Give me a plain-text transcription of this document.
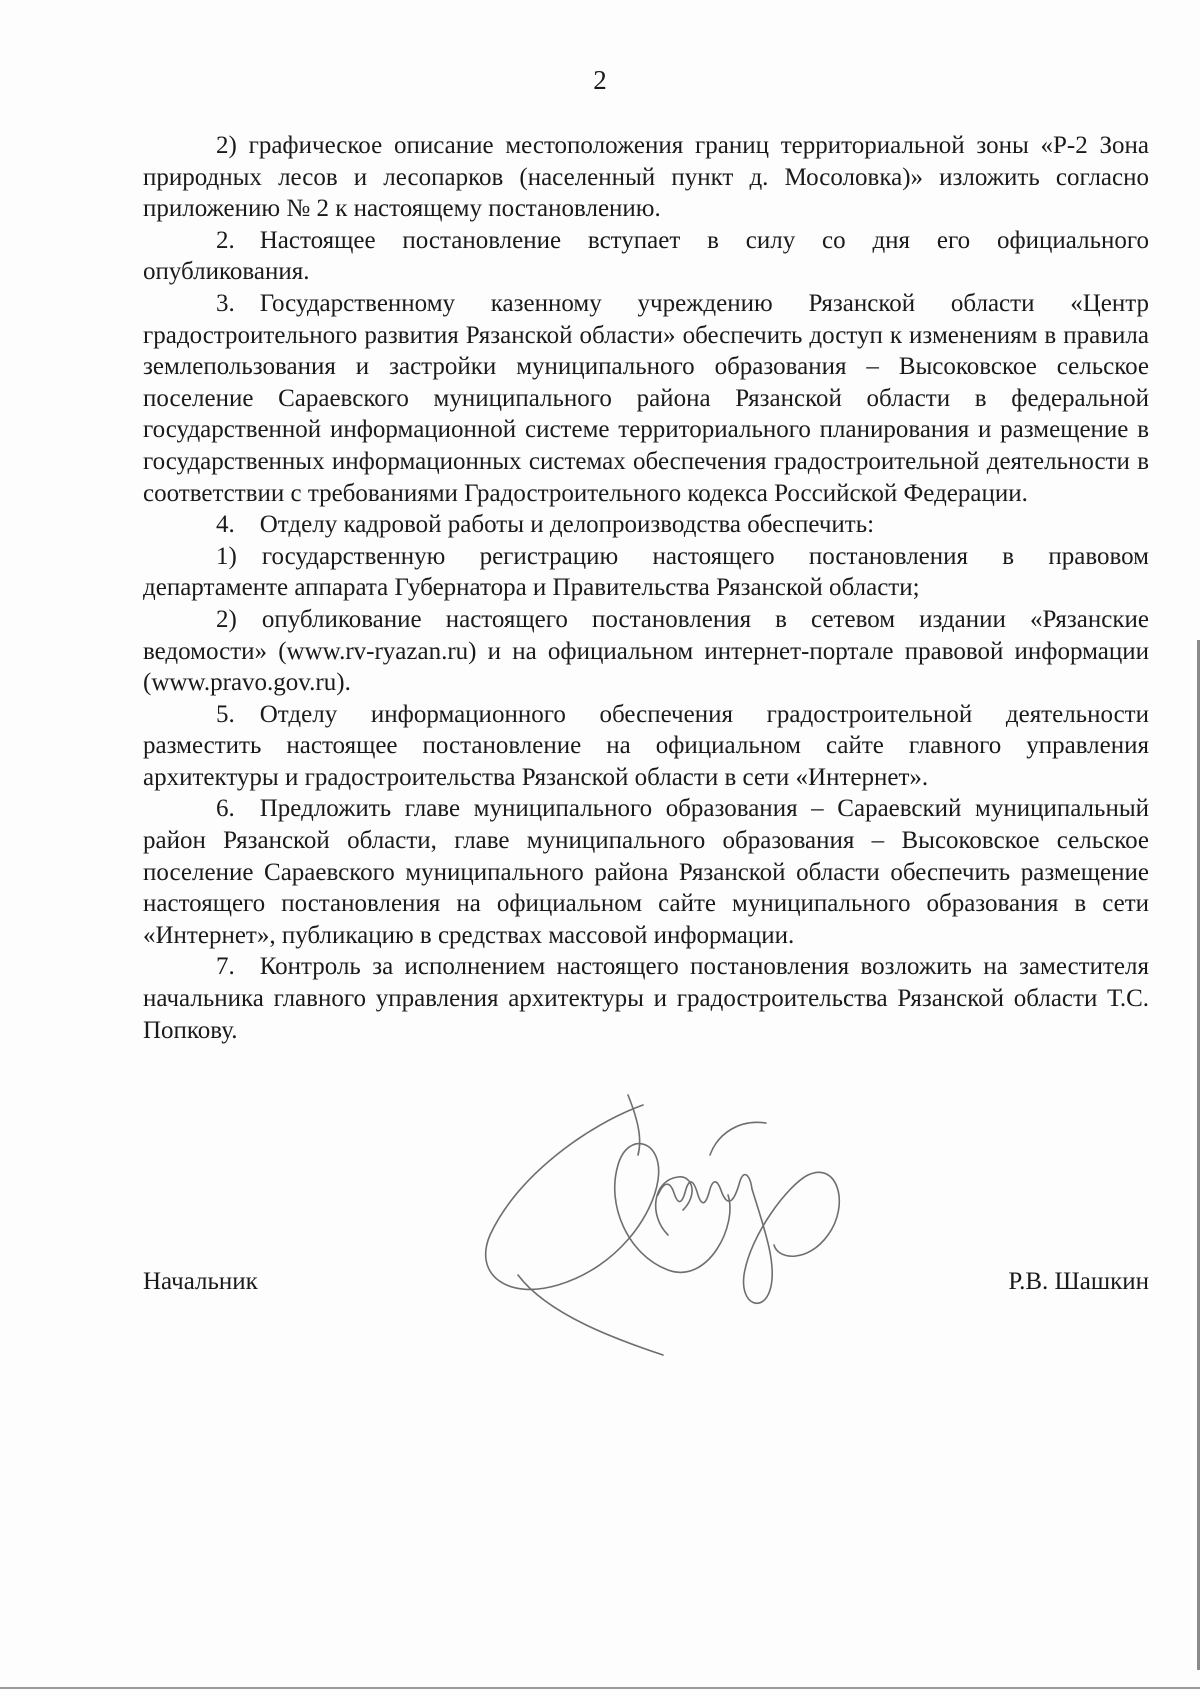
2

2) графическое описание местоположения границ территориальной зоны «Р-2 Зона природных лесов и лесопарков (населенный пункт д. Мосоловка)» изложить согласно приложению № 2 к настоящему постановлению.

2. Настоящее постановление вступает в силу со дня его официального опубликования.

3. Государственному казенному учреждению Рязанской области «Центр градостроительного развития Рязанской области» обеспечить доступ к изменениям в правила землепользования и застройки муниципального образования – Высоковское сельское поселение Сараевского муниципального района Рязанской области в федеральной государственной информационной системе территориального планирования и размещение в государственных информационных системах обеспечения градостроительной деятельности в соответствии с требованиями Градостроительного кодекса Российской Федерации.

4. Отделу кадровой работы и делопроизводства обеспечить:

1) государственную регистрацию настоящего постановления в правовом департаменте аппарата Губернатора и Правительства Рязанской области;

2) опубликование настоящего постановления в сетевом издании «Рязанские ведомости» (www.rv-ryazan.ru) и на официальном интернет-портале правовой информации (www.pravo.gov.ru).

5. Отделу информационного обеспечения градостроительной деятельности разместить настоящее постановление на официальном сайте главного управления архитектуры и градостроительства Рязанской области в сети «Интернет».

6. Предложить главе муниципального образования – Сараевский муниципальный район Рязанской области, главе муниципального образования – Высоковское сельское поселение Сараевского муниципального района Рязанской области обеспечить размещение настоящего постановления на официальном сайте муниципального образования в сети «Интернет», публикацию в средствах массовой информации.

7. Контроль за исполнением настоящего постановления возложить на заместителя начальника главного управления архитектуры и градостроительства Рязанской области Т.С. Попкову.

Начальник	Р.В. Шашкин
